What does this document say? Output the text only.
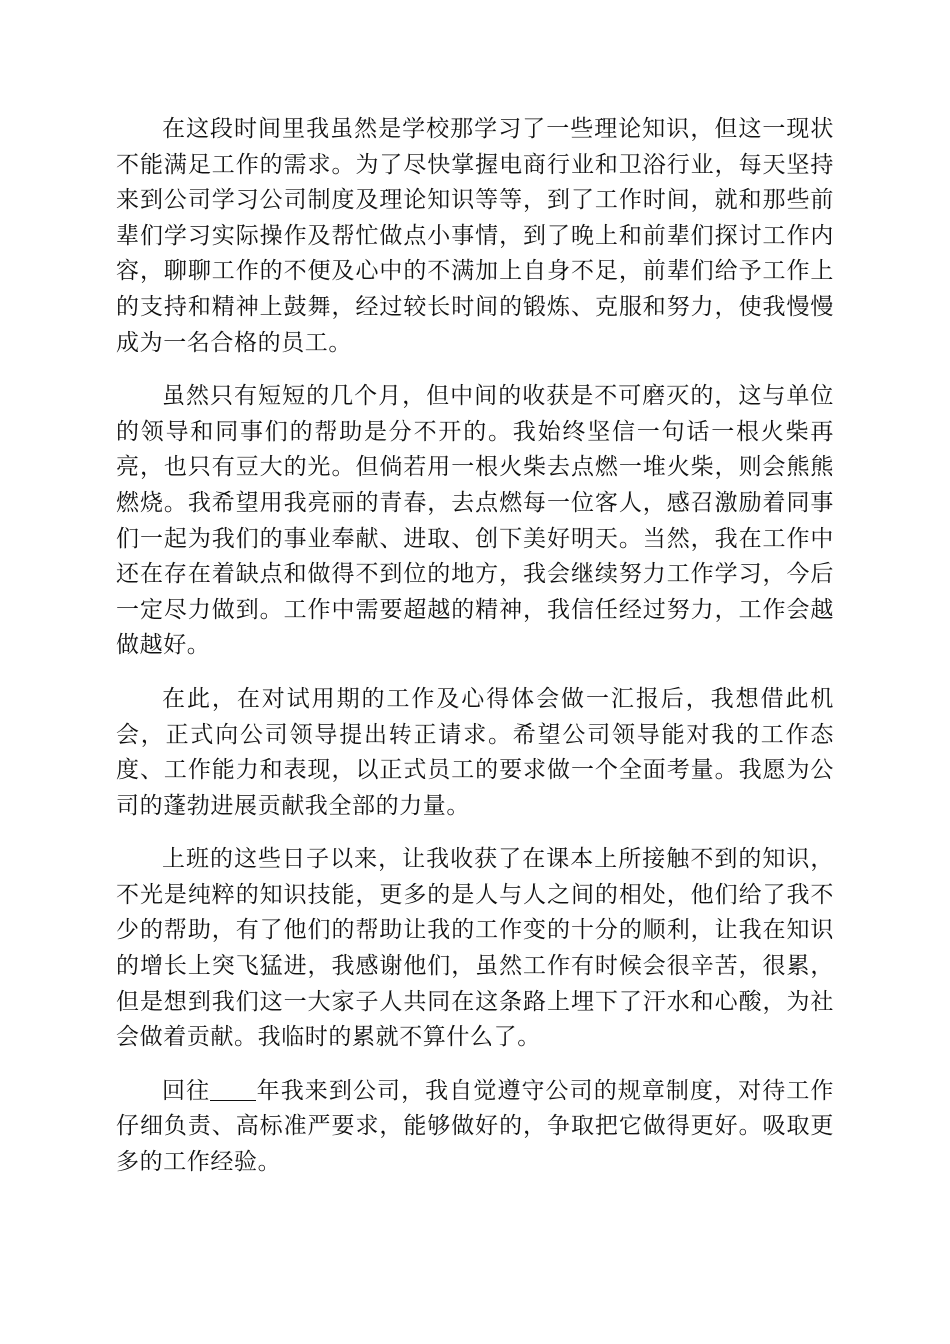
在这段时间里我虽然是学校那学习了一些理论知识，但这一现状不能满足工作的需求。为了尽快掌握电商行业和卫浴行业，每天坚持来到公司学习公司制度及理论知识等等，到了工作时间，就和那些前辈们学习实际操作及帮忙做点小事情，到了晚上和前辈们探讨工作内容，聊聊工作的不便及心中的不满加上自身不足，前辈们给予工作上的支持和精神上鼓舞，经过较长时间的锻炼、克服和努力，使我慢慢成为一名合格的员工。

虽然只有短短的几个月，但中间的收获是不可磨灭的，这与单位的领导和同事们的帮助是分不开的。我始终坚信一句话一根火柴再亮，也只有豆大的光。但倘若用一根火柴去点燃一堆火柴，则会熊熊燃烧。我希望用我亮丽的青春，去点燃每一位客人，感召激励着同事们一起为我们的事业奉献、进取、创下美好明天。当然，我在工作中还在存在着缺点和做得不到位的地方，我会继续努力工作学习，今后一定尽力做到。工作中需要超越的精神，我信任经过努力，工作会越做越好。

在此，在对试用期的工作及心得体会做一汇报后，我想借此机会，正式向公司领导提出转正请求。希望公司领导能对我的工作态度、工作能力和表现，以正式员工的要求做一个全面考量。我愿为公司的蓬勃进展贡献我全部的力量。

上班的这些日子以来，让我收获了在课本上所接触不到的知识，不光是纯粹的知识技能，更多的是人与人之间的相处，他们给了我不少的帮助，有了他们的帮助让我的工作变的十分的顺利，让我在知识的增长上突飞猛进，我感谢他们，虽然工作有时候会很辛苦，很累，但是想到我们这一大家子人共同在这条路上埋下了汗水和心酸，为社会做着贡献。我临时的累就不算什么了。

回往 年我来到公司，我自觉遵守公司的规章制度，对待工作仔细负责、高标准严要求，能够做好的，争取把它做得更好。吸取更多的工作经验。
